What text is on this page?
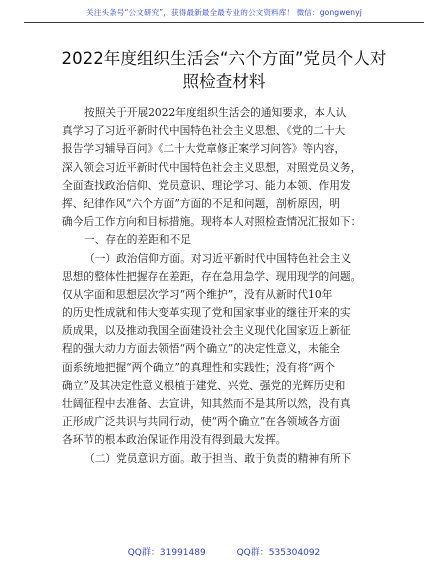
关注头条号“公文研究”，获得最新最全最专业的公文资料库！ 微信：gongwenyj
2022年度组织生活会“六个方面”党员个人对
照检查材料
按照关于开展2022年度组织生活会的通知要求，本人认
真学习了习近平新时代中国特色社会主义思想、《党的二十大
报告学习辅导百问》《二十大党章修正案学习问答》等内容，
深入领会习近平新时代中国特色社会主义思想，对照党员义务，
全面查找政治信仰、党员意识、理论学习、能力本领、作用发
挥、纪律作风“六个方面”方面的不足和问题，剖析原因，明
确今后工作方向和目标措施。现将本人对照检查情况汇报如下：
一、存在的差距和不足
（一）政治信仰方面。对习近平新时代中国特色社会主义
思想的整体性把握存在差距，存在急用急学、现用现学的问题。
仅从字面和思想层次学习“两个维护”，没有从新时代10年
的历史性成就和伟大变革实现了党和国家事业的继往开来的实
质成果，以及推动我国全面建设社会主义现代化国家迈上新征
程的强大动力方面去领悟“两个确立”的决定性意义，未能全
面系统地把握“两个确立”的真理性和实践性；没有将“两个
确立”及其决定性意义根植于建党、兴党、强党的光辉历史和
壮阔征程中去准备、去宣讲，知其然而不是其所以然，没有真
正形成广泛共识与共同行动，使“两个确立”在各领域各方面
各环节的根本政治保证作用没有得到最大发挥。
（二）党员意识方面。敢于担当、敢于负责的精神有所下
QQ群：31991489	QQ群：535304092
